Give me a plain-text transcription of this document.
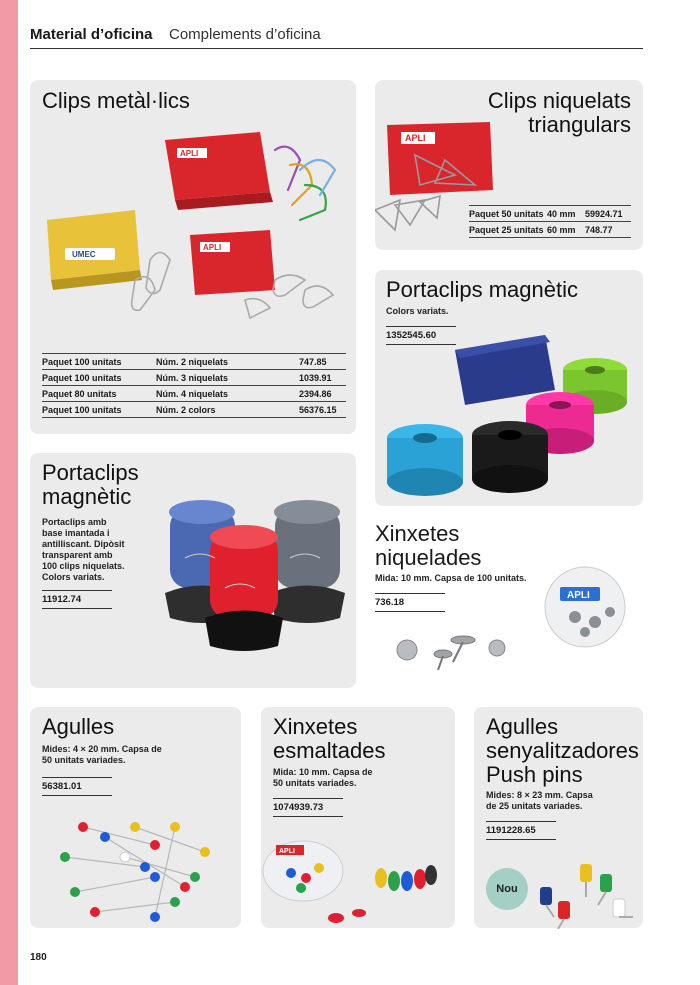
Material d’oficina Complements d’oficina
Clips metàl·lics
APLI
UMEC
APLI
Paquet 100 unitats	Núm. 2 niquelats	747.85
Paquet 100 unitats	Núm. 3 niquelats	1039.91
Paquet 80 unitats	Núm. 4 niquelats	2394.86
Paquet 100 unitats	Núm. 2 colors	56376.15
Clips niquelats
triangulars
APLI
Paquet 50 unitats	40 mm	59924.71
Paquet 25 unitats	60 mm	748.77
Portaclips magnètic
Colors variats.
1352545.60
Portaclips
magnètic
Portaclips amb
base imantada i
antilliscant. Dipòsit
transparent amb
100 clips niquelats.
Colors variats.
11912.74
Xinxetes
niquelades
Mida: 10 mm. Capsa de 100 unitats.
736.18
APLI
Agulles
Mides: 4 × 20 mm. Capsa de
50 unitats variades.
56381.01
Xinxetes
esmaltades
Mida: 10 mm. Capsa de
50 unitats variades.
1074939.73
APLI
Agulles
senyalitzadores
Push pins
Mides: 8 × 23 mm. Capsa
de 25 unitats variades.
1191228.65
Nou
180
